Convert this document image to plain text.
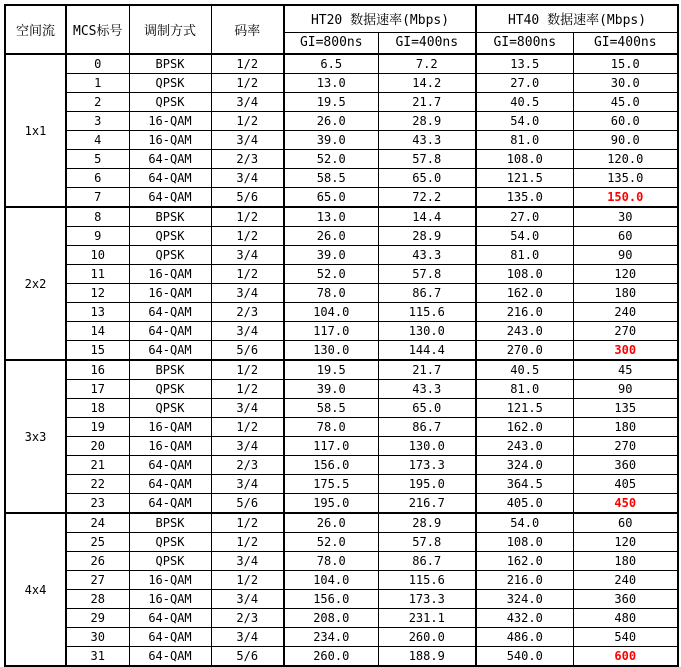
空间流	MCS标号	调制方式	码率	HT20 数据速率(Mbps)		HT40 数据速率(Mbps)	
				GI=800ns	GI=400ns	GI=800ns	GI=400ns
1x1	0	BPSK	1/2	6.5	7.2	13.5	15.0
	1	QPSK	1/2	13.0	14.2	27.0	30.0
	2	QPSK	3/4	19.5	21.7	40.5	45.0
	3	16-QAM	1/2	26.0	28.9	54.0	60.0
	4	16-QAM	3/4	39.0	43.3	81.0	90.0
	5	64-QAM	2/3	52.0	57.8	108.0	120.0
	6	64-QAM	3/4	58.5	65.0	121.5	135.0
	7	64-QAM	5/6	65.0	72.2	135.0	150.0
2x2	8	BPSK	1/2	13.0	14.4	27.0	30
	9	QPSK	1/2	26.0	28.9	54.0	60
	10	QPSK	3/4	39.0	43.3	81.0	90
	11	16-QAM	1/2	52.0	57.8	108.0	120
	12	16-QAM	3/4	78.0	86.7	162.0	180
	13	64-QAM	2/3	104.0	115.6	216.0	240
	14	64-QAM	3/4	117.0	130.0	243.0	270
	15	64-QAM	5/6	130.0	144.4	270.0	300
3x3	16	BPSK	1/2	19.5	21.7	40.5	45
	17	QPSK	1/2	39.0	43.3	81.0	90
	18	QPSK	3/4	58.5	65.0	121.5	135
	19	16-QAM	1/2	78.0	86.7	162.0	180
	20	16-QAM	3/4	117.0	130.0	243.0	270
	21	64-QAM	2/3	156.0	173.3	324.0	360
	22	64-QAM	3/4	175.5	195.0	364.5	405
	23	64-QAM	5/6	195.0	216.7	405.0	450
4x4	24	BPSK	1/2	26.0	28.9	54.0	60
	25	QPSK	1/2	52.0	57.8	108.0	120
	26	QPSK	3/4	78.0	86.7	162.0	180
	27	16-QAM	1/2	104.0	115.6	216.0	240
	28	16-QAM	3/4	156.0	173.3	324.0	360
	29	64-QAM	2/3	208.0	231.1	432.0	480
	30	64-QAM	3/4	234.0	260.0	486.0	540
	31	64-QAM	5/6	260.0	188.9	540.0	600
